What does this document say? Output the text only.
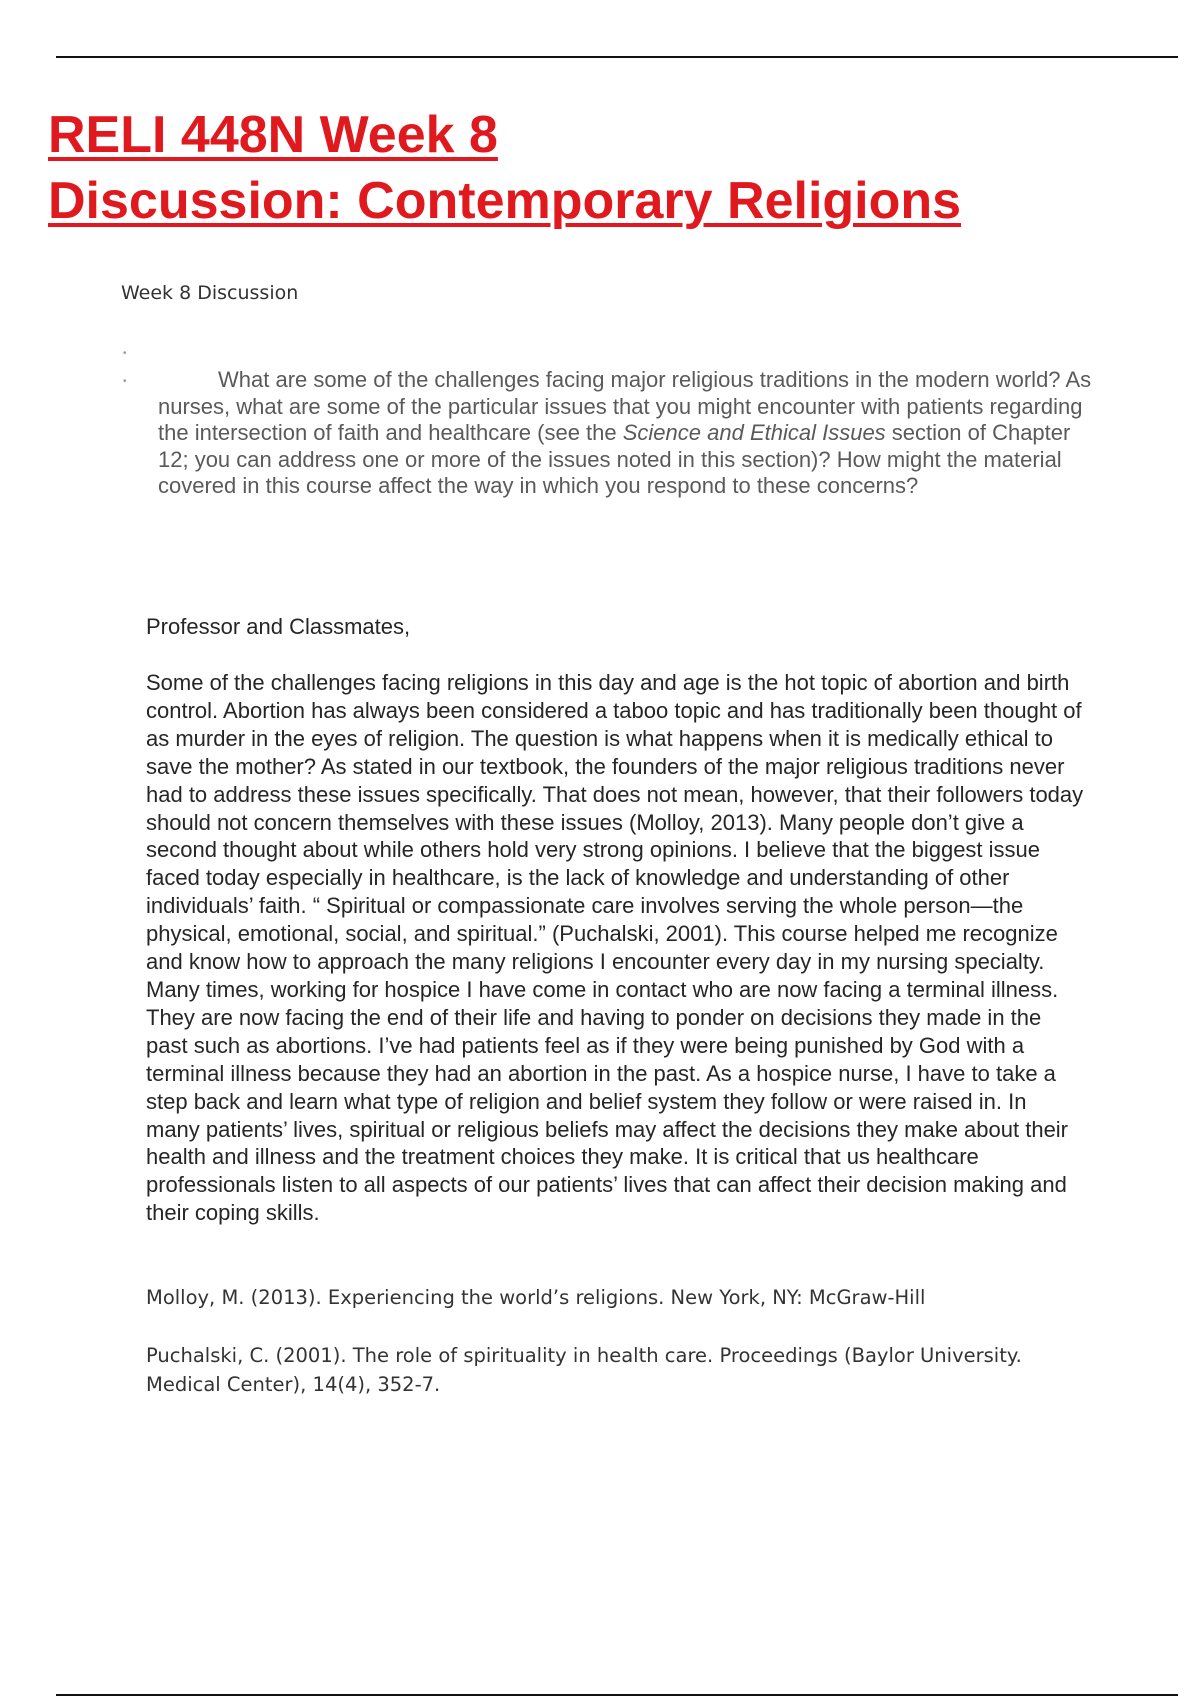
RELI 448N Week 8
Discussion: Contemporary Religions
Week 8 Discussion
•
•	What are some of the challenges facing major religious traditions in the modern world? As nurses, what are some of the particular issues that you might encounter with patients regarding the intersection of faith and healthcare (see the Science and Ethical Issues section of Chapter 12; you can address one or more of the issues noted in this section)? How might the material covered in this course affect the way in which you respond to these concerns?

Professor and Classmates,

Some of the challenges facing religions in this day and age is the hot topic of abortion and birth control. Abortion has always been considered a taboo topic and has traditionally been thought of as murder in the eyes of religion. The question is what happens when it is medically ethical to save the mother? As stated in our textbook, the founders of the major religious traditions never had to address these issues specifically. That does not mean, however, that their followers today should not concern themselves with these issues (Molloy, 2013). Many people don’t give a second thought about while others hold very strong opinions. I believe that the biggest issue faced today especially in healthcare, is the lack of knowledge and understanding of other individuals’ faith. “ Spiritual or compassionate care involves serving the whole person—the physical, emotional, social, and spiritual.” (Puchalski, 2001). This course helped me recognize and know how to approach the many religions I encounter every day in my nursing specialty. Many times, working for hospice I have come in contact who are now facing a terminal illness. They are now facing the end of their life and having to ponder on decisions they made in the past such as abortions. I’ve had patients feel as if they were being punished by God with a terminal illness because they had an abortion in the past. As a hospice nurse, I have to take a step back and learn what type of religion and belief system they follow or were raised in. In many patients’ lives, spiritual or religious beliefs may affect the decisions they make about their health and illness and the treatment choices they make. It is critical that us healthcare professionals listen to all aspects of our patients’ lives that can affect their decision making and their coping skills.

Molloy, M. (2013). Experiencing the world’s religions. New York, NY: McGraw-Hill

Puchalski, C. (2001). The role of spirituality in health care. Proceedings (Baylor University. Medical Center), 14(4), 352-7.
